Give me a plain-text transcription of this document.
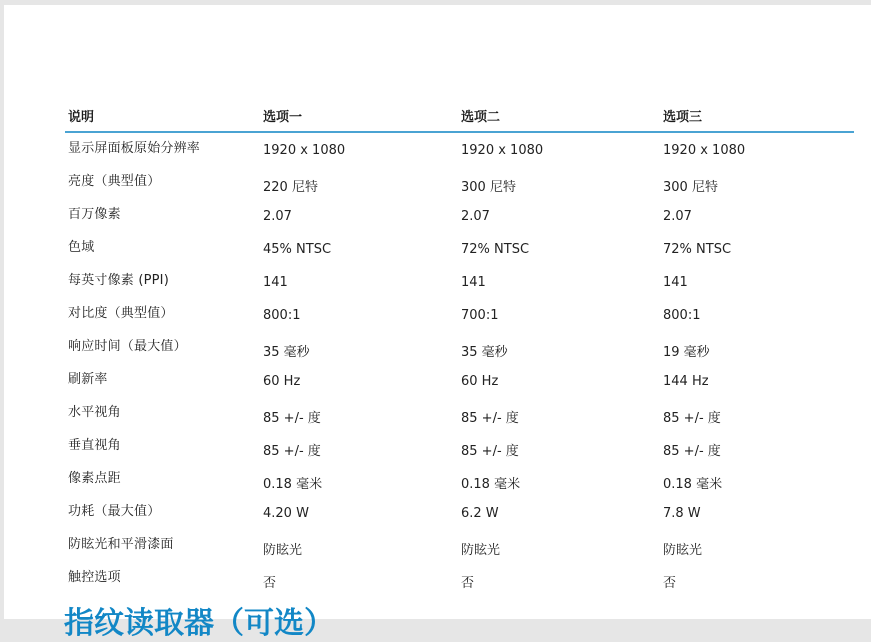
说明	选项一	选项二	选项三
显示屏面板原始分辨率	1920 x 1080	1920 x 1080	1920 x 1080
亮度（典型值）	220 尼特	300 尼特	300 尼特
百万像素	2.07	2.07	2.07
色域	45% NTSC	72% NTSC	72% NTSC
每英寸像素 (PPI)	141	141	141
对比度（典型值）	800:1	700:1	800:1
响应时间（最大值）	35 毫秒	35 毫秒	19 毫秒
刷新率	60 Hz	60 Hz	144 Hz
水平视角	85 +/- 度	85 +/- 度	85 +/- 度
垂直视角	85 +/- 度	85 +/- 度	85 +/- 度
像素点距	0.18 毫米	0.18 毫米	0.18 毫米
功耗（最大值）	4.20 W	6.2 W	7.8 W
防眩光和平滑漆面	防眩光	防眩光	防眩光
触控选项	否	否	否
指纹读取器（可选）
